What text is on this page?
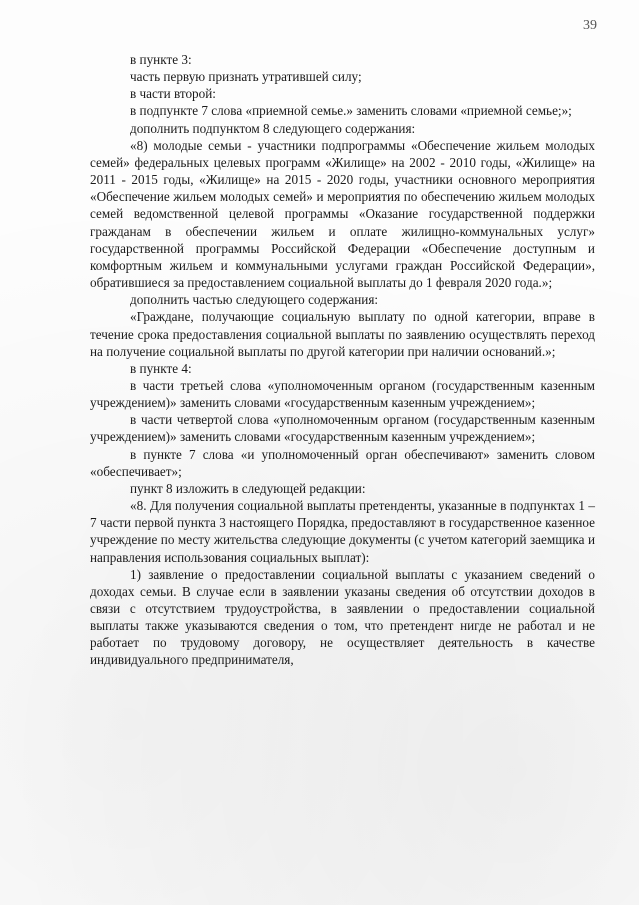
39

в пункте 3:

часть первую признать утратившей силу;

в части второй:

в подпункте 7 слова «приемной семье.» заменить словами «приемной семье;»;

дополнить подпунктом 8 следующего содержания:

«8) молодые семьи - участники подпрограммы «Обеспечение жильем молодых семей» федеральных целевых программ «Жилище» на 2002 - 2010 годы, «Жилище» на 2011 - 2015 годы, «Жилище» на 2015 - 2020 годы, участники основного мероприятия «Обеспечение жильем молодых семей» и мероприятия по обеспечению жильем молодых семей ведомственной целевой программы «Оказание государственной поддержки гражданам в обеспечении жильем и оплате жилищно-коммунальных услуг» государственной программы Российской Федерации «Обеспечение доступным и комфортным жильем и коммунальными услугами граждан Российской Федерации», обратившиеся за предоставлением социальной выплаты до 1 февраля 2020 года.»;

дополнить частью следующего содержания:

«Граждане, получающие социальную выплату по одной категории, вправе в течение срока предоставления социальной выплаты по заявлению осуществлять переход на получение социальной выплаты по другой категории при наличии оснований.»;

в пункте 4:

в части третьей слова «уполномоченным органом (государственным казенным учреждением)» заменить словами «государственным казенным учреждением»;

в части четвертой слова «уполномоченным органом (государственным казенным учреждением)» заменить словами «государственным казенным учреждением»;

в пункте 7 слова «и уполномоченный орган обеспечивают» заменить словом «обеспечивает»;

пункт 8 изложить в следующей редакции:

«8. Для получения социальной выплаты претенденты, указанные в подпунктах 1 – 7 части первой пункта 3 настоящего Порядка, предоставляют в государственное казенное учреждение по месту жительства следующие документы (с учетом категорий заемщика и направления использования социальных выплат):

1) заявление о предоставлении социальной выплаты с указанием сведений о доходах семьи. В случае если в заявлении указаны сведения об отсутствии доходов в связи с отсутствием трудоустройства, в заявлении о предоставлении социальной выплаты также указываются сведения о том, что претендент нигде не работал и не работает по трудовому договору, не осуществляет деятельность в качестве индивидуального предпринимателя,
